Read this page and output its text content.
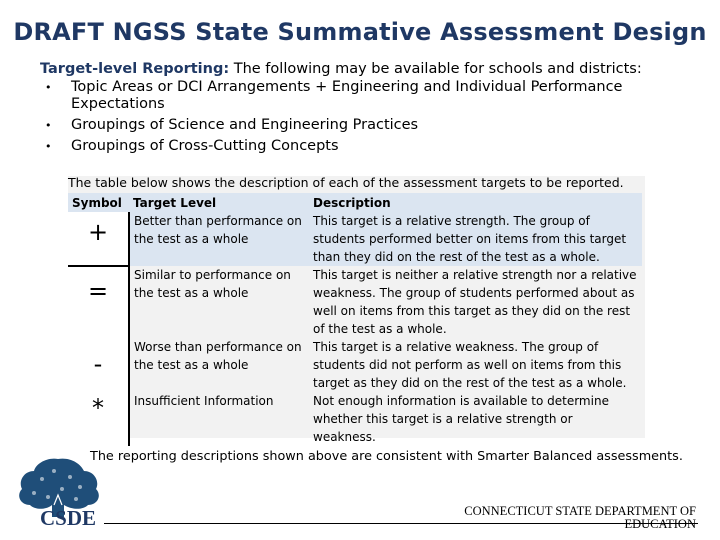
DRAFT NGSS State Summative Assessment Design
Target-level Reporting: The following may be available for schools and districts:
• Topic Areas or DCI Arrangements + Engineering and Individual Performance Expectations
• Groupings of Science and Engineering Practices
• Groupings of Cross-Cutting Concepts
The table below shows the description of each of the assessment targets to be reported.
Symbol	Target Level	Description
+	Better than performance on the test as a whole	This target is a relative strength. The group of students performed better on items from this target than they did on the rest of the test as a whole.
=	Similar to performance on the test as a whole	This target is neither a relative strength nor a relative weakness. The group of students performed about as well on items from this target as they did on the rest of the test as a whole.
-	Worse than performance on the test as a whole	This target is a relative weakness. The group of students did not perform as well on items from this target as they did on the rest of the test as a whole.
*	Insufficient Information	Not enough information is available to determine whether this target is a relative strength or weakness.
The reporting descriptions shown above are consistent with Smarter Balanced assessments.
CSDE	CONNECTICUT STATE DEPARTMENT OF EDUCATION
